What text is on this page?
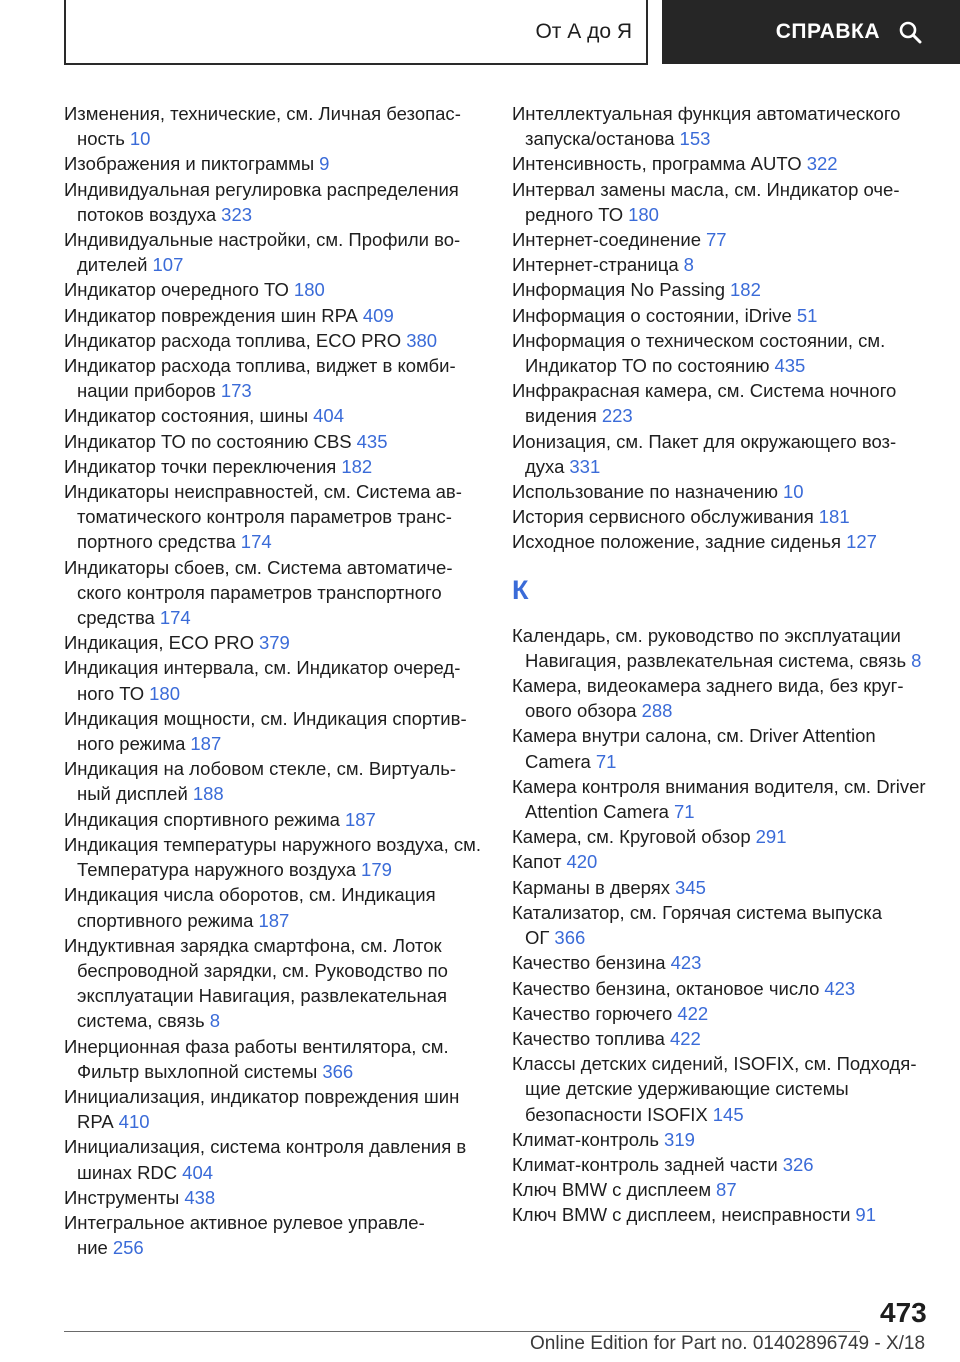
От А до Я	СПРАВКА
Изменения, технические, см. Личная безопасность 10
Изображения и пиктограммы 9
Индивидуальная регулировка распределения потоков воздуха 323
Индивидуальные настройки, см. Профили водителей 107
Индикатор очередного ТО 180
Индикатор повреждения шин RPA 409
Индикатор расхода топлива, ECO PRO 380
Индикатор расхода топлива, виджет в комбинации приборов 173
Индикатор состояния, шины 404
Индикатор ТО по состоянию CBS 435
Индикатор точки переключения 182
Индикаторы неисправностей, см. Система автоматического контроля параметров транспортного средства 174
Индикаторы сбоев, см. Система автоматического контроля параметров транспортного средства 174
Индикация, ECO PRO 379
Индикация интервала, см. Индикатор очередного ТО 180
Индикация мощности, см. Индикация спортивного режима 187
Индикация на лобовом стекле, см. Виртуальный дисплей 188
Индикация спортивного режима 187
Индикация температуры наружного воздуха, см. Температура наружного воздуха 179
Индикация числа оборотов, см. Индикация спортивного режима 187
Индуктивная зарядка смартфона, см. Лоток беспроводной зарядки, см. Руководство по эксплуатации Навигация, развлекательная система, связь 8
Инерционная фаза работы вентилятора, см. Фильтр выхлопной системы 366
Инициализация, индикатор повреждения шин RPA 410
Инициализация, система контроля давления в шинах RDC 404
Инструменты 438
Интегральное активное рулевое управление 256
Интеллектуальная функция автоматического запуска/останова 153
Интенсивность, программа AUTO 322
Интервал замены масла, см. Индикатор очередного ТО 180
Интернет-соединение 77
Интернет-страница 8
Информация No Passing 182
Информация о состоянии, iDrive 51
Информация о техническом состоянии, см. Индикатор ТО по состоянию 435
Инфракрасная камера, см. Система ночного видения 223
Ионизация, см. Пакет для окружающего воздуха 331
Использование по назначению 10
История сервисного обслуживания 181
Исходное положение, задние сиденья 127
К
Календарь, см. руководство по эксплуатации Навигация, развлекательная система, связь 8
Камера, видеокамера заднего вида, без кругового обзора 288
Камера внутри салона, см. Driver Attention Camera 71
Камера контроля внимания водителя, см. Driver Attention Camera 71
Камера, см. Круговой обзор 291
Капот 420
Карманы в дверях 345
Катализатор, см. Горячая система выпуска ОГ 366
Качество бензина 423
Качество бензина, октановое число 423
Качество горючего 422
Качество топлива 422
Классы детских сидений, ISOFIX, см. Подходящие детские удерживающие системы безопасности ISOFIX 145
Климат-контроль 319
Климат-контроль задней части 326
Ключ BMW с дисплеем 87
Ключ BMW с дисплеем, неисправности 91
473
Online Edition for Part no. 01402896749 - X/18
